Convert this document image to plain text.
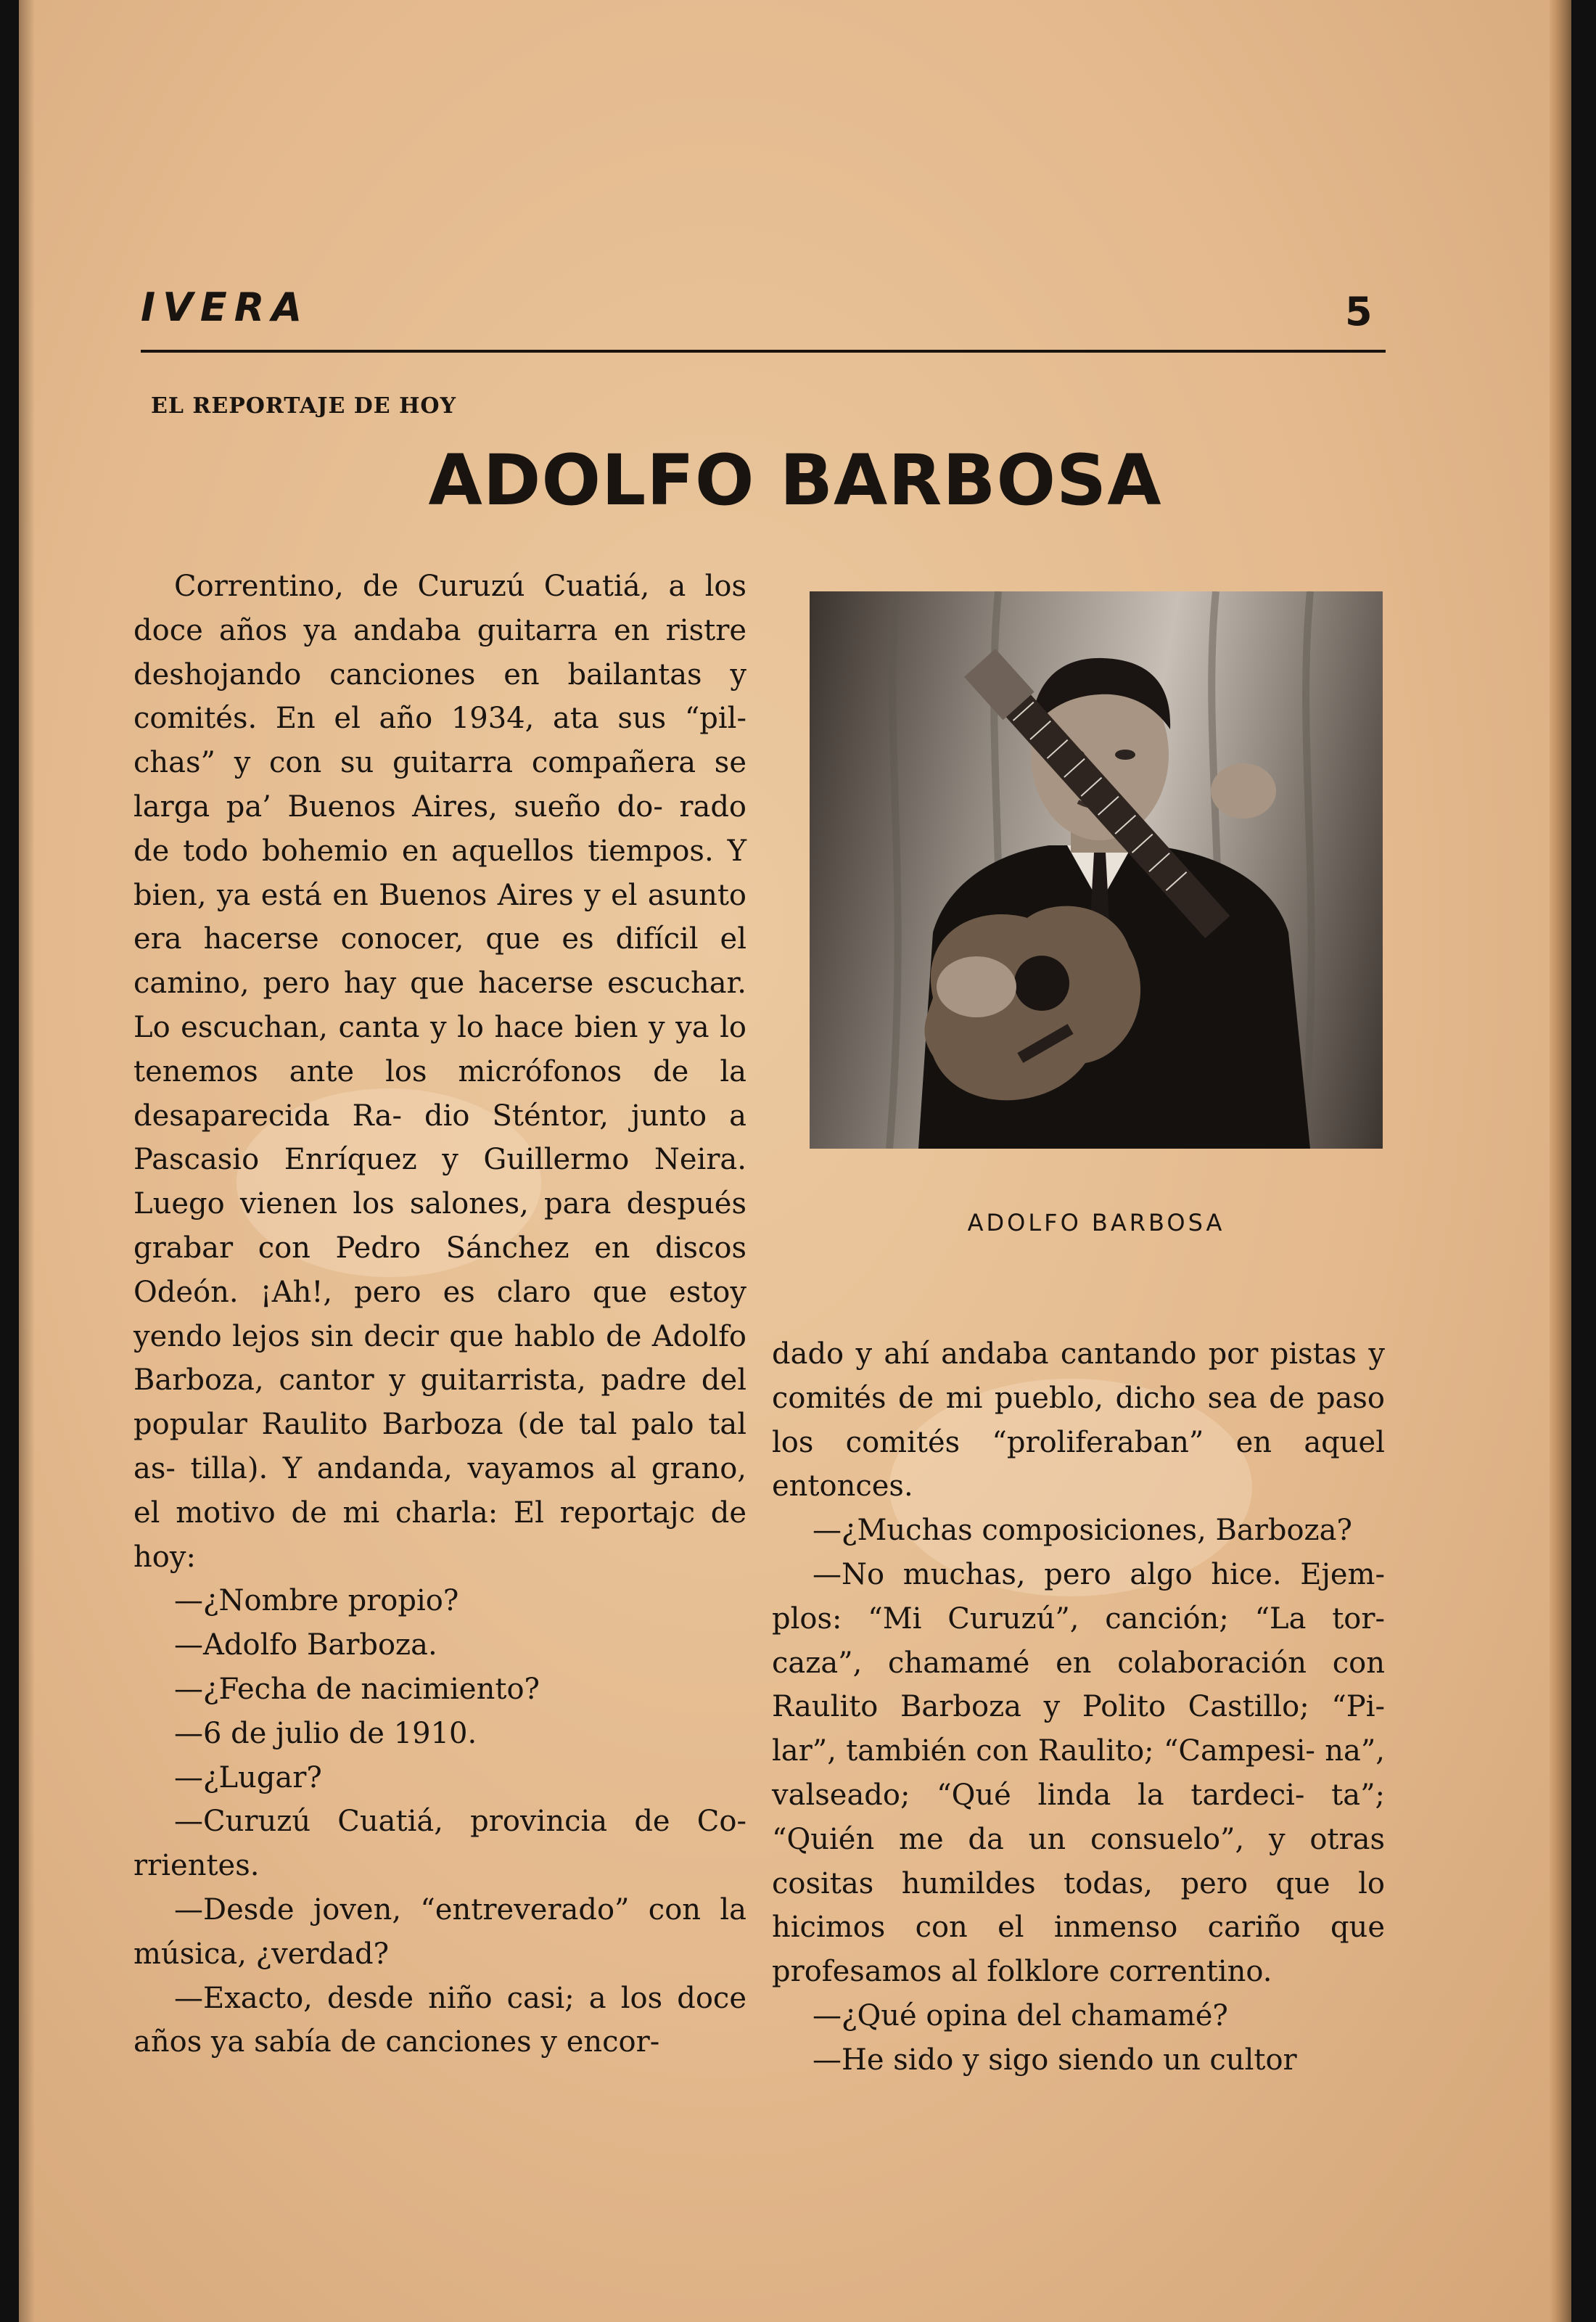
IVERA	5
EL REPORTAJE DE HOY
ADOLFO BARBOSA

Correntino, de Curuzú Cuatiá, a los doce años ya andaba guitarra en ristre deshojando canciones en bailantas y comités. En el año 1934, ata sus “pil- chas” y con su guitarra compañera se larga pa’ Buenos Aires, sueño do- rado de todo bohemio en aquellos tiempos. Y bien, ya está en Buenos Aires y el asunto era hacerse conocer, que es difícil el camino, pero hay que hacerse escuchar. Lo escuchan, canta y lo hace bien y ya lo tenemos ante los micrófonos de la desaparecida Ra- dio Sténtor, junto a Pascasio Enríquez y Guillermo Neira. Luego vienen los salones, para después grabar con Pedro Sánchez en discos Odeón. ¡Ah!, pero es claro que estoy yendo lejos sin decir que hablo de Adolfo Barboza, cantor y guitarrista, padre del popular Raulito Barboza (de tal palo tal as- tilla). Y andanda, vayamos al grano, el motivo de mi charla: El reportajc de hoy:

—¿Nombre propio?

—Adolfo Barboza.

—¿Fecha de nacimiento?

—6 de julio de 1910.

—¿Lugar?

—Curuzú Cuatiá, provincia de Co- rrientes.

—Desde joven, “entreverado” con la música, ¿verdad?

—Exacto, desde niño casi; a los doce años ya sabía de canciones y encor-

ADOLFO BARBOSA

dado y ahí andaba cantando por pistas y comités de mi pueblo, dicho sea de paso los comités “proliferaban” en aquel entonces.

—¿Muchas composiciones, Barboza?

—No muchas, pero algo hice. Ejem- plos: “Mi Curuzú”, canción; “La tor- caza”, chamamé en colaboración con Raulito Barboza y Polito Castillo; “Pi- lar”, también con Raulito; “Campesi- na”, valseado; “Qué linda la tardeci- ta”; “Quién me da un consuelo”, y otras cositas humildes todas, pero que lo hicimos con el inmenso cariño que profesamos al folklore correntino.

—¿Qué opina del chamamé?

—He sido y sigo siendo un cultor
